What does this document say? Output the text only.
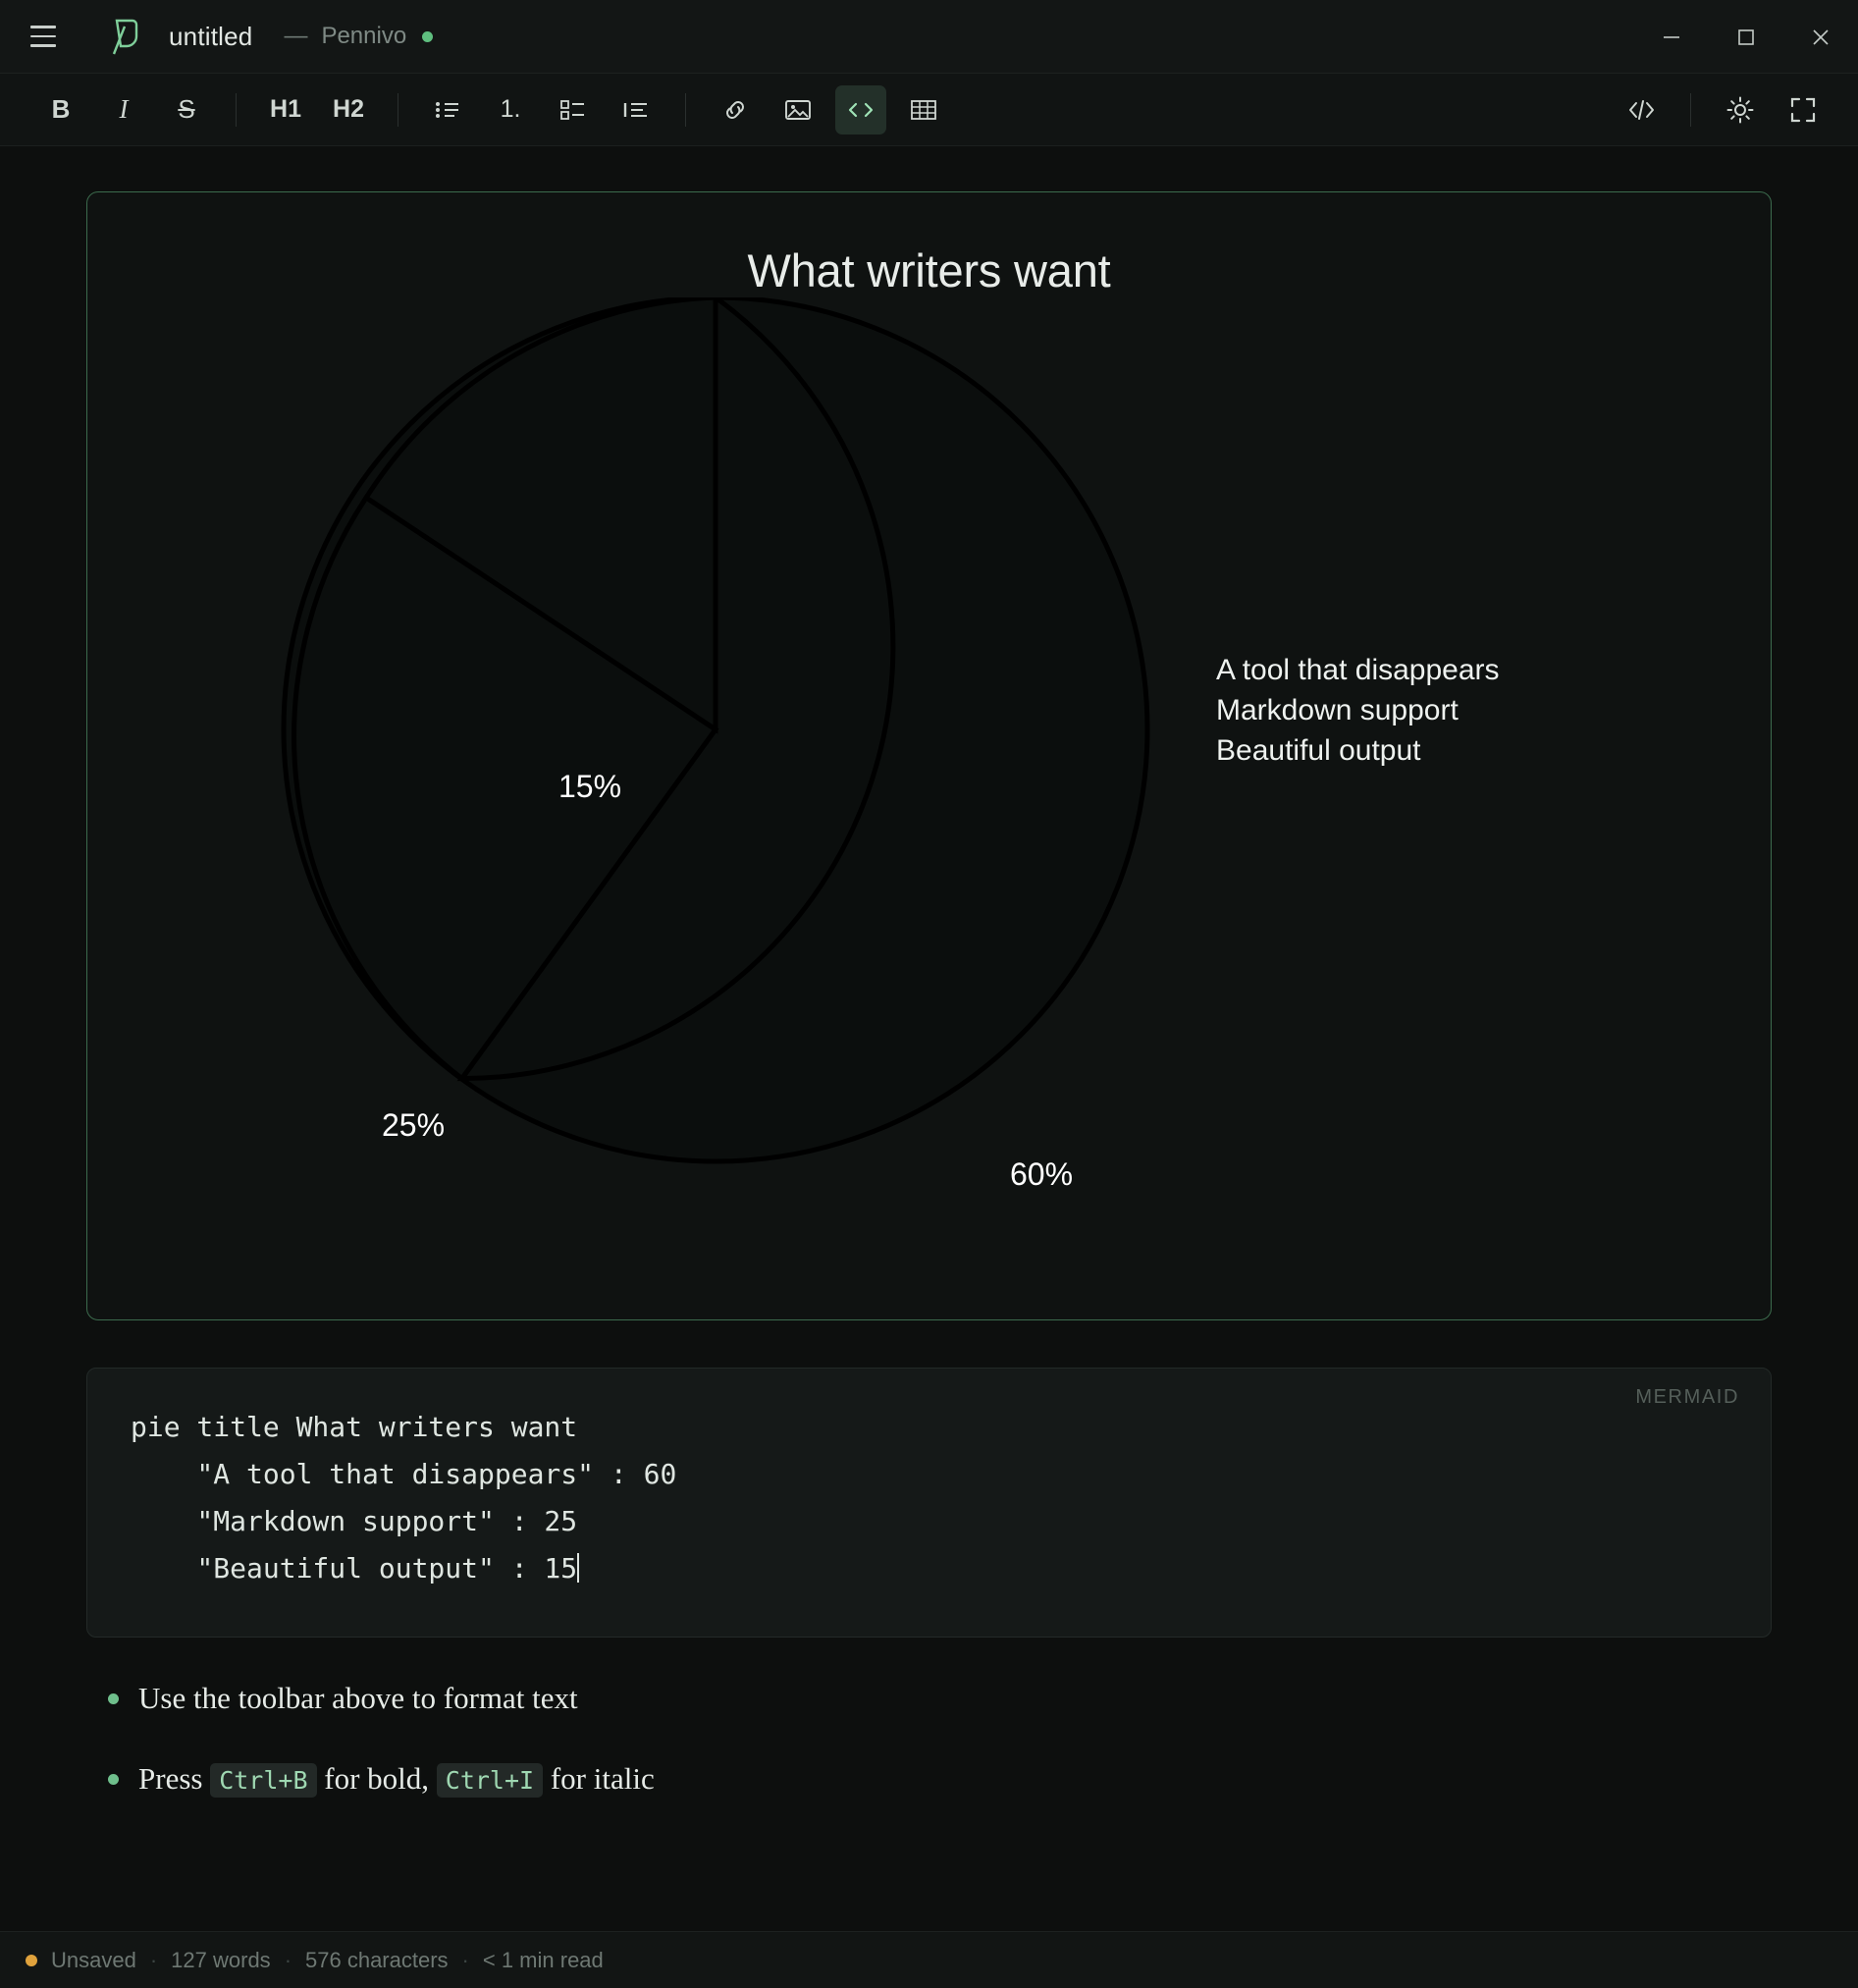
untitled — Pennivo
B	I	S	H1	H2	1.
What writers want
60%
25%
15%
A tool that disappears
Markdown support
Beautiful output
MERMAID
pie title What writers want
"A tool that disappears" : 60
"Markdown support" : 25
"Beautiful output" : 15
Use the toolbar above to format text
Press Ctrl+B for bold, Ctrl+I for italic
Unsaved · 127 words · 576 characters · < 1 min read
